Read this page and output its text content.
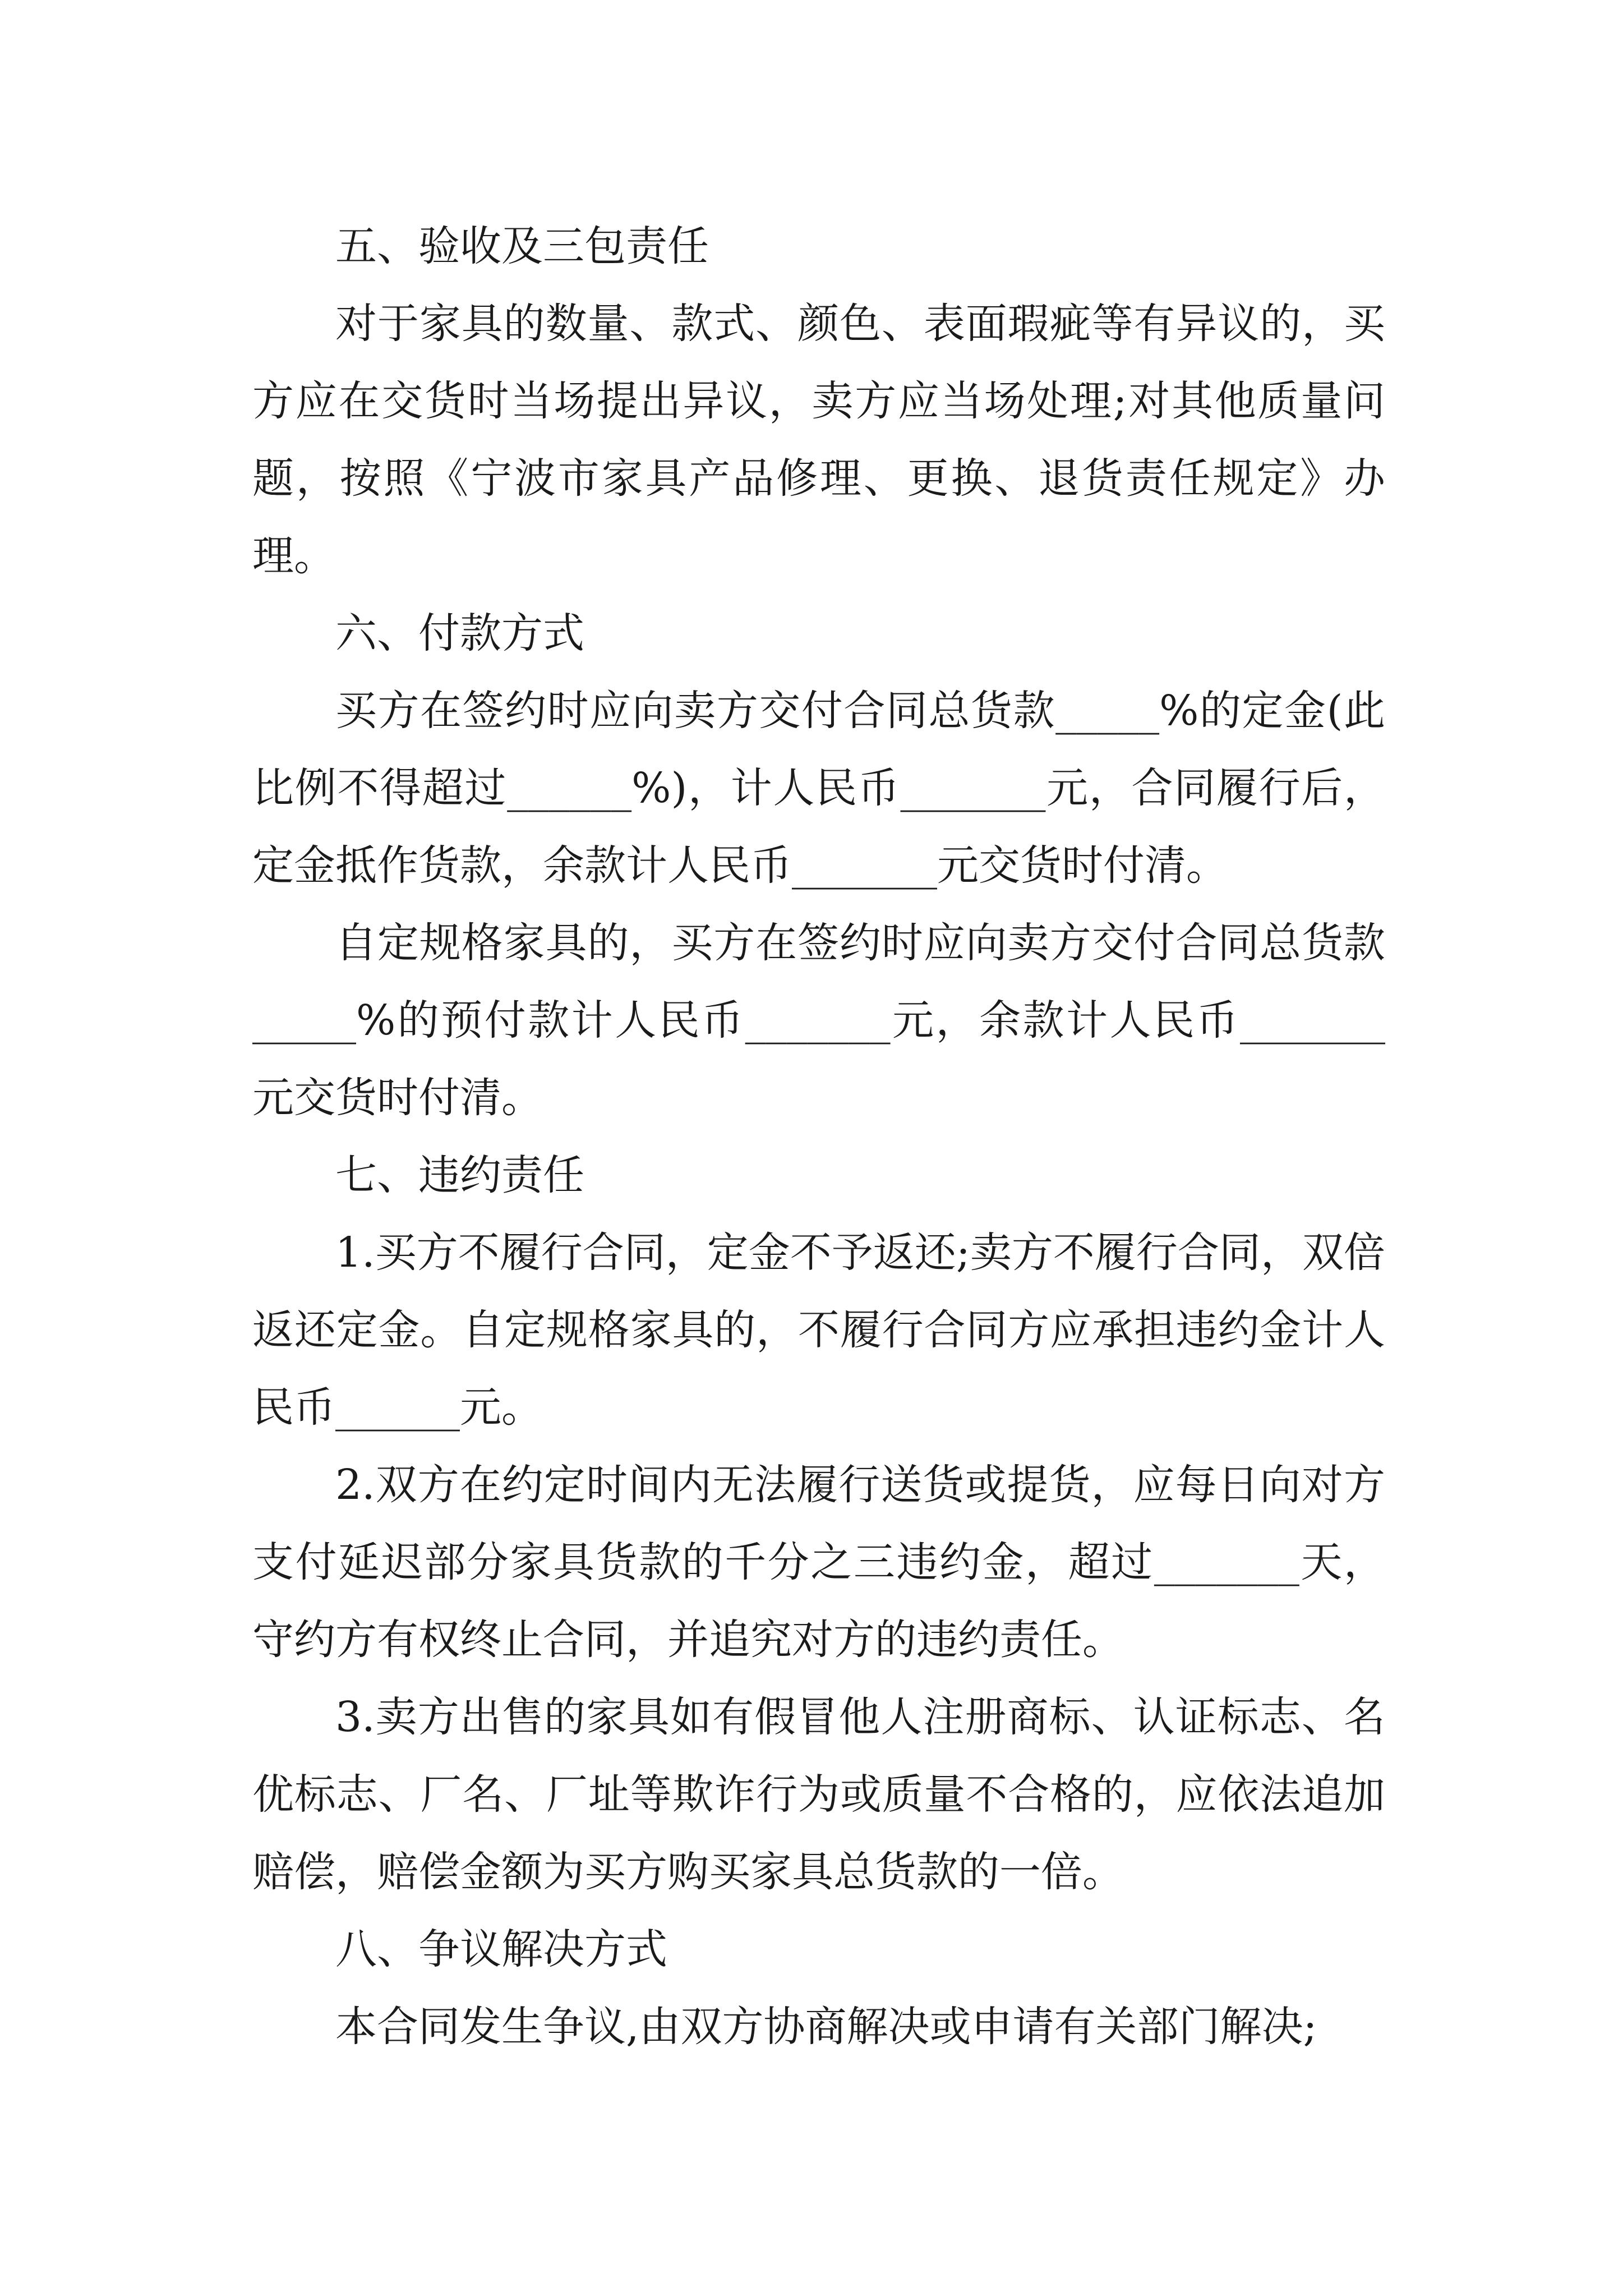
五、验收及三包责任

对于家具的数量、款式、颜色、表面瑕疵等有异议的，买方应在交货时当场提出异议，卖方应当场处理;对其他质量问题，按照《宁波市家具产品修理、更换、退货责任规定》办理。

六、付款方式

买方在签约时应向卖方交付合同总货款_____%的定金(此比例不得超过______%)，计人民币_______元，合同履行后，定金抵作货款，余款计人民币_______元交货时付清。

自定规格家具的，买方在签约时应向卖方交付合同总货款_____%的预付款计人民币_______元，余款计人民币_______元交货时付清。

七、违约责任

1.买方不履行合同，定金不予返还;卖方不履行合同，双倍返还定金。自定规格家具的，不履行合同方应承担违约金计人民币______元。

2.双方在约定时间内无法履行送货或提货，应每日向对方支付延迟部分家具货款的千分之三违约金，超过_______天，守约方有权终止合同，并追究对方的违约责任。

3.卖方出售的家具如有假冒他人注册商标、认证标志、名优标志、厂名、厂址等欺诈行为或质量不合格的，应依法追加赔偿，赔偿金额为买方购买家具总货款的一倍。

八、争议解决方式

本合同发生争议,由双方协商解决或申请有关部门解决;
